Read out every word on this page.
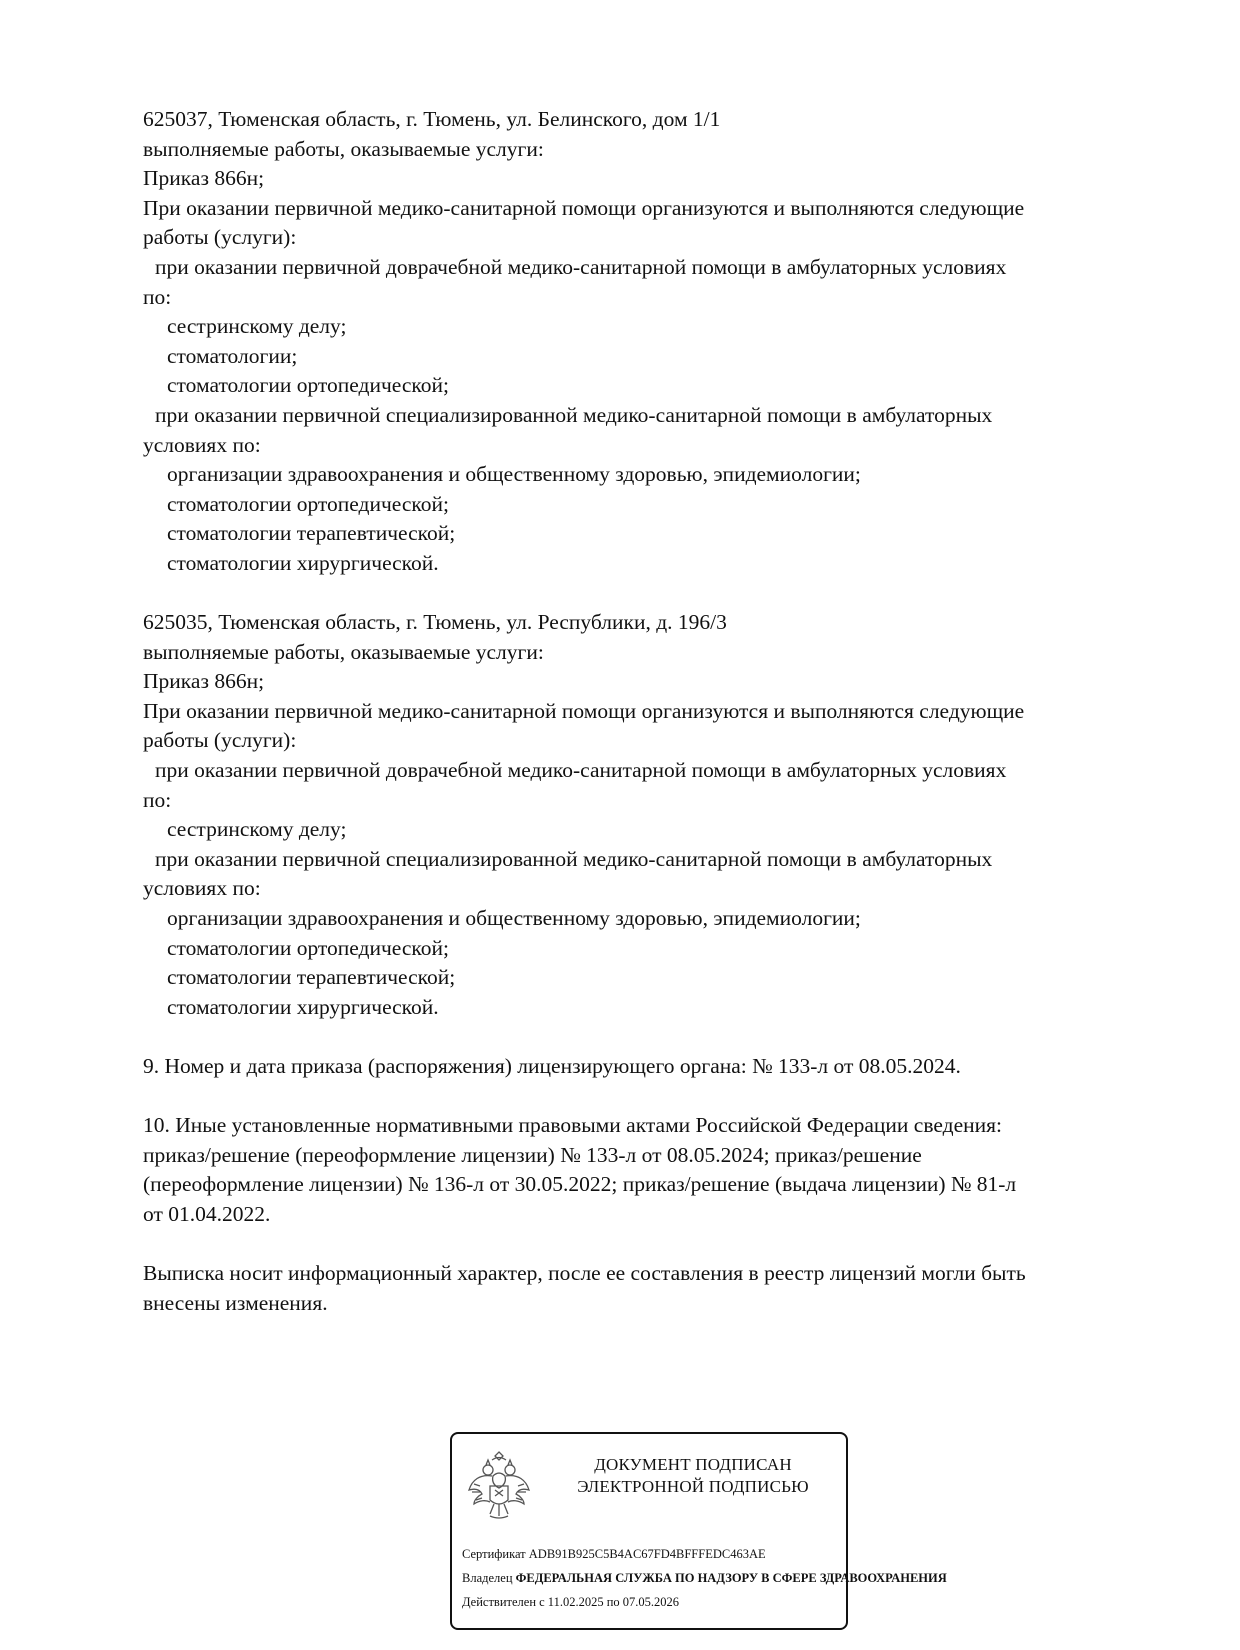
625037, Тюменская область, г. Тюмень, ул. Белинского, дом 1/1
выполняемые работы, оказываемые услуги:
Приказ 866н;
При оказании первичной медико-санитарной помощи организуются и выполняются следующие
работы (услуги):
при оказании первичной доврачебной медико-санитарной помощи в амбулаторных условиях
по:
сестринскому делу;
стоматологии;
стоматологии ортопедической;
при оказании первичной специализированной медико-санитарной помощи в амбулаторных
условиях по:
организации здравоохранения и общественному здоровью, эпидемиологии;
стоматологии ортопедической;
стоматологии терапевтической;
стоматологии хирургической.
625035, Тюменская область, г. Тюмень, ул. Республики, д. 196/3
выполняемые работы, оказываемые услуги:
Приказ 866н;
При оказании первичной медико-санитарной помощи организуются и выполняются следующие
работы (услуги):
при оказании первичной доврачебной медико-санитарной помощи в амбулаторных условиях
по:
сестринскому делу;
при оказании первичной специализированной медико-санитарной помощи в амбулаторных
условиях по:
организации здравоохранения и общественному здоровью, эпидемиологии;
стоматологии ортопедической;
стоматологии терапевтической;
стоматологии хирургической.
9. Номер и дата приказа (распоряжения) лицензирующего органа: № 133-л от 08.05.2024.
10. Иные установленные нормативными правовыми актами Российской Федерации сведения:
приказ/решение (переоформление лицензии) № 133-л от 08.05.2024; приказ/решение
(переоформление лицензии) № 136-л от 30.05.2022; приказ/решение (выдача лицензии) № 81-л
от 01.04.2022.
Выписка носит информационный характер, после ее составления в реестр лицензий могли быть
внесены изменения.
ДОКУМЕНТ ПОДПИСАН
ЭЛЕКТРОННОЙ ПОДПИСЬЮ
Сертификат ADB91B925C5B4AC67FD4BFFFEDC463AE
Владелец ФЕДЕРАЛЬНАЯ СЛУЖБА ПО НАДЗОРУ В СФЕРЕ ЗДРАВООХРАНЕНИЯ
Действителен с 11.02.2025 по 07.05.2026
